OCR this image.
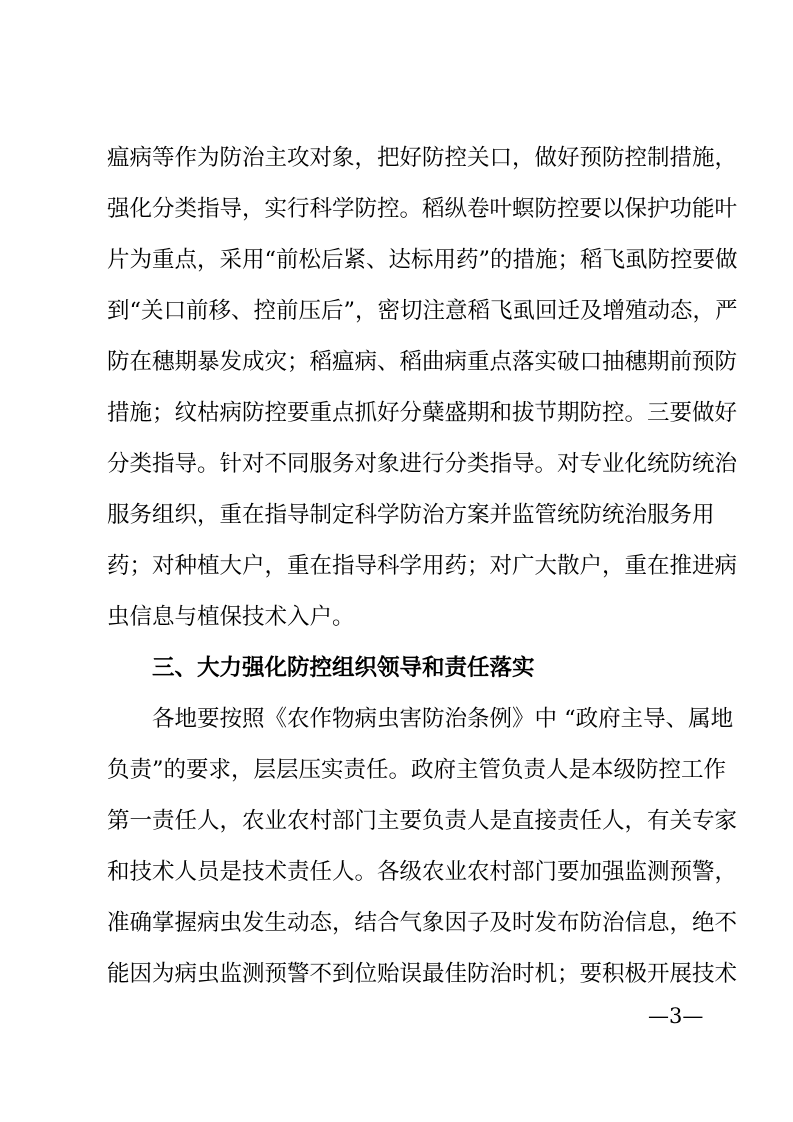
瘟病等作为防治主攻对象，把好防控关口，做好预防控制措施，
强化分类指导，实行科学防控。稻纵卷叶螟防控要以保护功能叶
片为重点，采用“前松后紧、达标用药”的措施；稻飞虱防控要做
到“关口前移、控前压后”，密切注意稻飞虱回迁及增殖动态，严
防在穗期暴发成灾；稻瘟病、稻曲病重点落实破口抽穗期前预防
措施；纹枯病防控要重点抓好分蘖盛期和拔节期防控。三要做好
分类指导。针对不同服务对象进行分类指导。对专业化统防统治
服务组织，重在指导制定科学防治方案并监管统防统治服务用
药；对种植大户，重在指导科学用药；对广大散户，重在推进病
虫信息与植保技术入户。
三、大力强化防控组织领导和责任落实
各地要按照《农作物病虫害防治条例》中 “政府主导、属地
负责”的要求，层层压实责任。政府主管负责人是本级防控工作
第一责任人，农业农村部门主要负责人是直接责任人，有关专家
和技术人员是技术责任人。各级农业农村部门要加强监测预警，
准确掌握病虫发生动态，结合气象因子及时发布防治信息，绝不
能因为病虫监测预警不到位贻误最佳防治时机；要积极开展技术
—3—
